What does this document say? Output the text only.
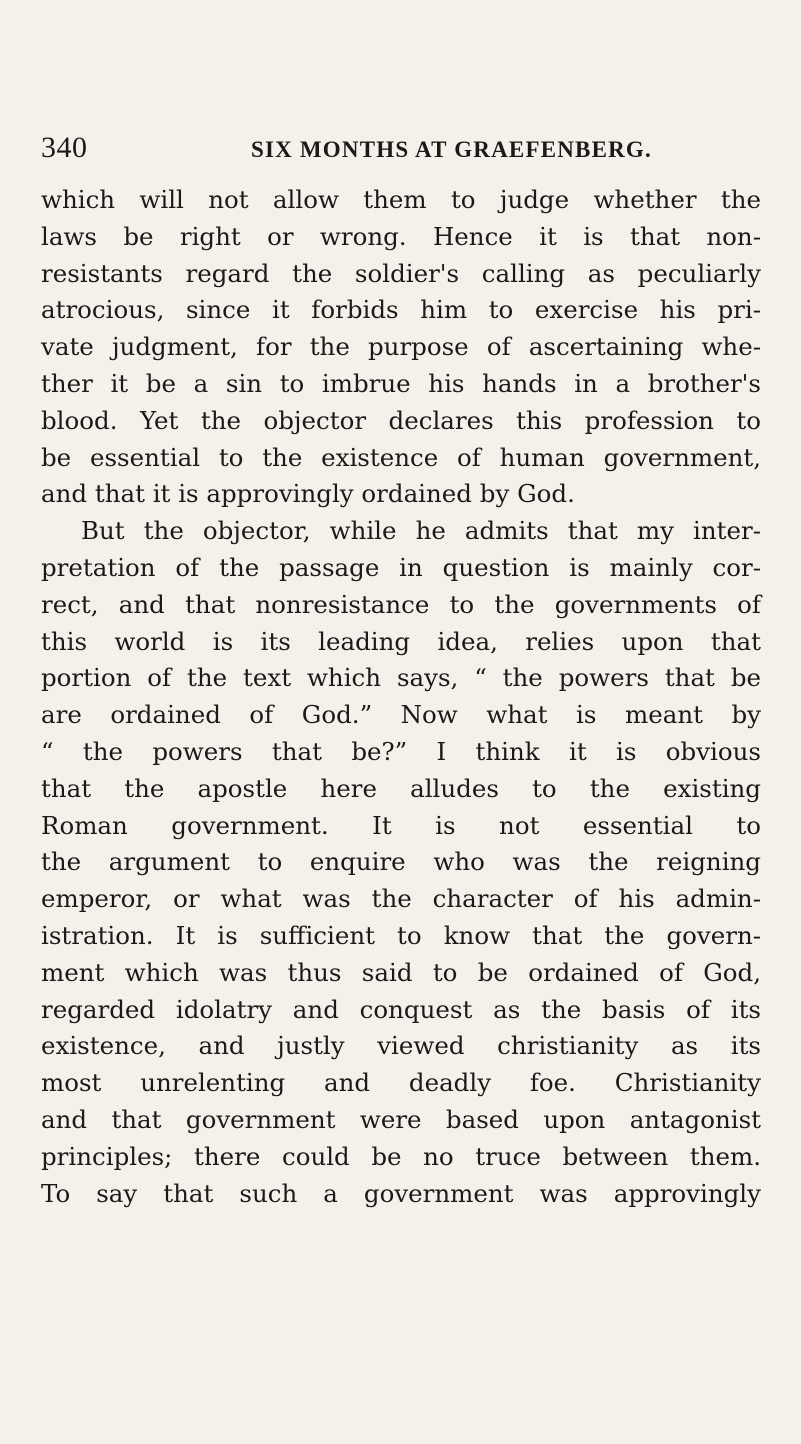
340	SIX MONTHS AT GRAEFENBERG.
which will not allow them to judge whether the
laws be right or wrong. Hence it is that non-
resistants regard the soldier's calling as peculiarly
atrocious, since it forbids him to exercise his pri-
vate judgment, for the purpose of ascertaining whe-
ther it be a sin to imbrue his hands in a brother's
blood. Yet the objector declares this profession to
be essential to the existence of human government,
and that it is approvingly ordained by God.
But the objector, while he admits that my inter-
pretation of the passage in question is mainly cor-
rect, and that nonresistance to the governments of
this world is its leading idea, relies upon that
portion of the text which says, “ the powers that be
are ordained of God.” Now what is meant by
“ the powers that be?” I think it is obvious
that the apostle here alludes to the existing
Roman government. It is not essential to
the argument to enquire who was the reigning
emperor, or what was the character of his admin-
istration. It is sufficient to know that the govern-
ment which was thus said to be ordained of God,
regarded idolatry and conquest as the basis of its
existence, and justly viewed christianity as its
most unrelenting and deadly foe. Christianity
and that government were based upon antagonist
principles; there could be no truce between them.
To say that such a government was approvingly
